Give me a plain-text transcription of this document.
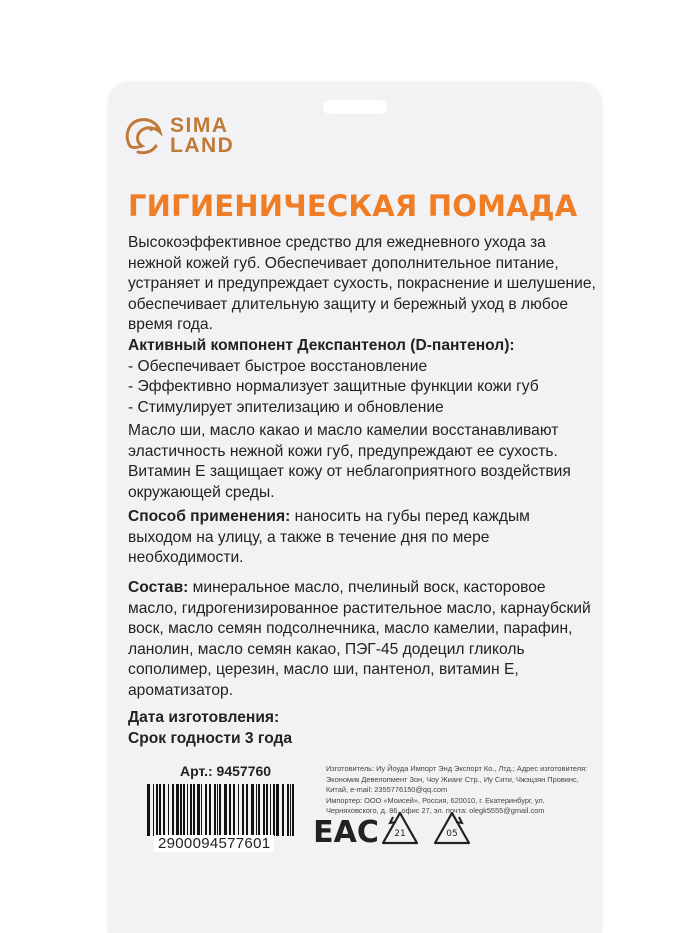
SIMA
LAND
ГИГИЕНИЧЕСКАЯ ПОМАДА
Высокоэффективное средство для ежедневного ухода за нежной кожей губ. Обеспечивает дополнительное питание, устраняет и предупреждает сухость, покраснение и шелушение, обеспечивает длительную защиту и бережный уход в любое время года.
Активный компонент Декспантенол (D-пантенол):
- Обеспечивает быстрое восстановление
- Эффективно нормализует защитные функции кожи губ
- Стимулирует эпителизацию и обновление
Масло ши, масло какао и масло камелии восстанавливают эластичность нежной кожи губ, предупреждают ее сухость. Витамин Е защищает кожу от неблагоприятного воздействия окружающей среды.
Способ применения: наносить на губы перед каждым выходом на улицу, а также в течение дня по мере необходимости.
Состав: минеральное масло, пчелиный воск, касторовое масло, гидрогенизированное растительное масло, карнаубский воск, масло семян подсолнечника, масло камелии, парафин, ланолин, масло семян какао, ПЭГ-45 додецил гликоль сополимер, церезин, масло ши, пантенол, витамин Е, ароматизатор.
Дата изготовления:
Срок годности 3 года
Арт.: 9457760
2900094577601
Изготовитель: Иу Йоуда Импорт Энд Экспорт Ко., Лтд.; Адрес изготовителя: Экономик Девелопмент Зон, Чоу Жианг Стр., Иу Сити, Чжэцзян Провинс, Китай, e-mail: 2355776150@qq.com
Импортер: ООО «Моисей», Россия, 620010, г. Екатеринбург, ул. Черняховского, д. 86, офис 27, эл. почта: olegk5555@gmail.com
EAC 21	05
